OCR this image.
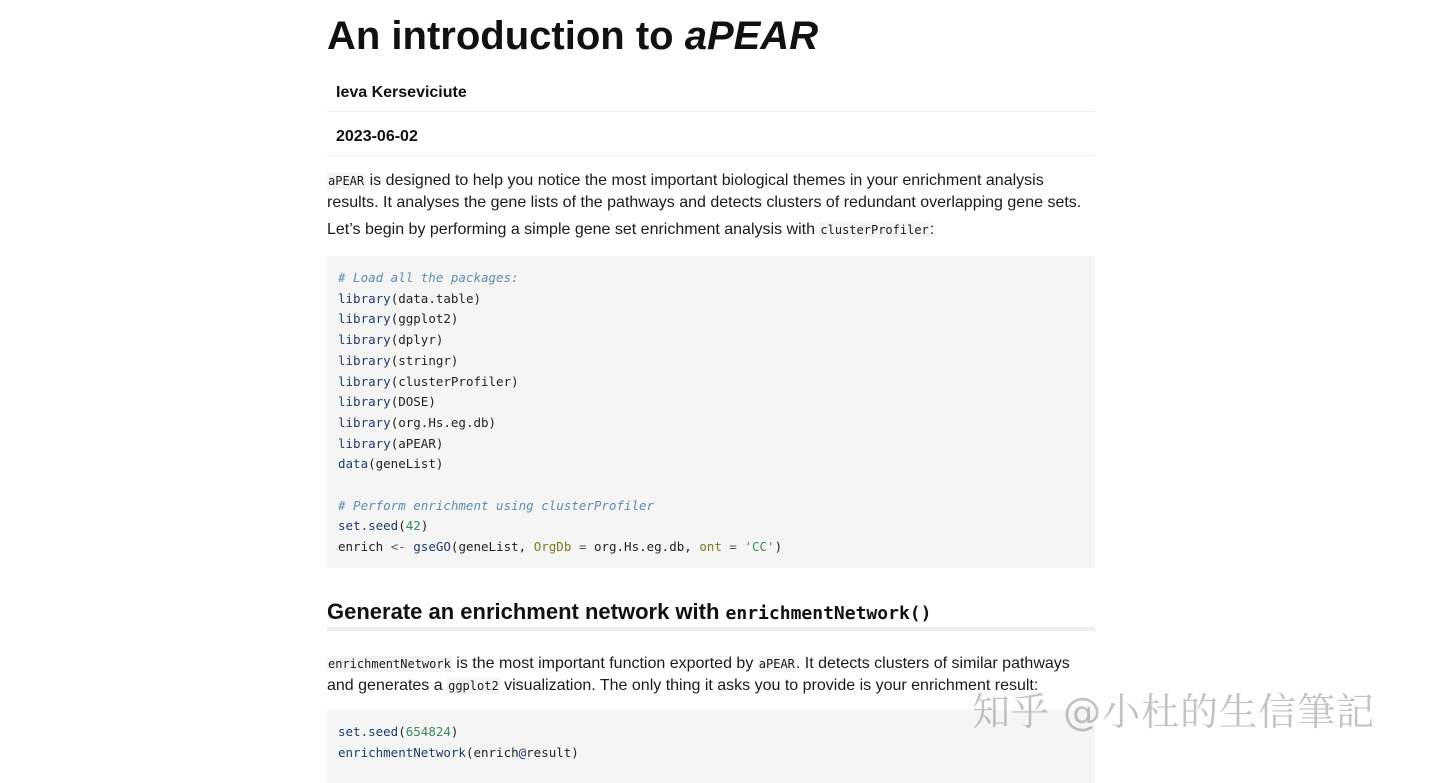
An introduction to aPEAR
Ieva Kerseviciute
2023-06-02
aPEAR is designed to help you notice the most important biological themes in your enrichment analysis results. It analyses the gene lists of the pathways and detects clusters of redundant overlapping gene sets.
Let’s begin by performing a simple gene set enrichment analysis with clusterProfiler:
# Load all the packages:
library(data.table)
library(ggplot2)
library(dplyr)
library(stringr)
library(clusterProfiler)
library(DOSE)
library(org.Hs.eg.db)
library(aPEAR)
data(geneList)

# Perform enrichment using clusterProfiler
set.seed(42)
enrich <- gseGO(geneList, OrgDb = org.Hs.eg.db, ont = 'CC')
Generate an enrichment network with enrichmentNetwork()
enrichmentNetwork is the most important function exported by aPEAR. It detects clusters of similar pathways and generates a ggplot2 visualization. The only thing it asks you to provide is your enrichment result:
set.seed(654824)
enrichmentNetwork(enrich@result)
知乎 @小杜的生信筆記
